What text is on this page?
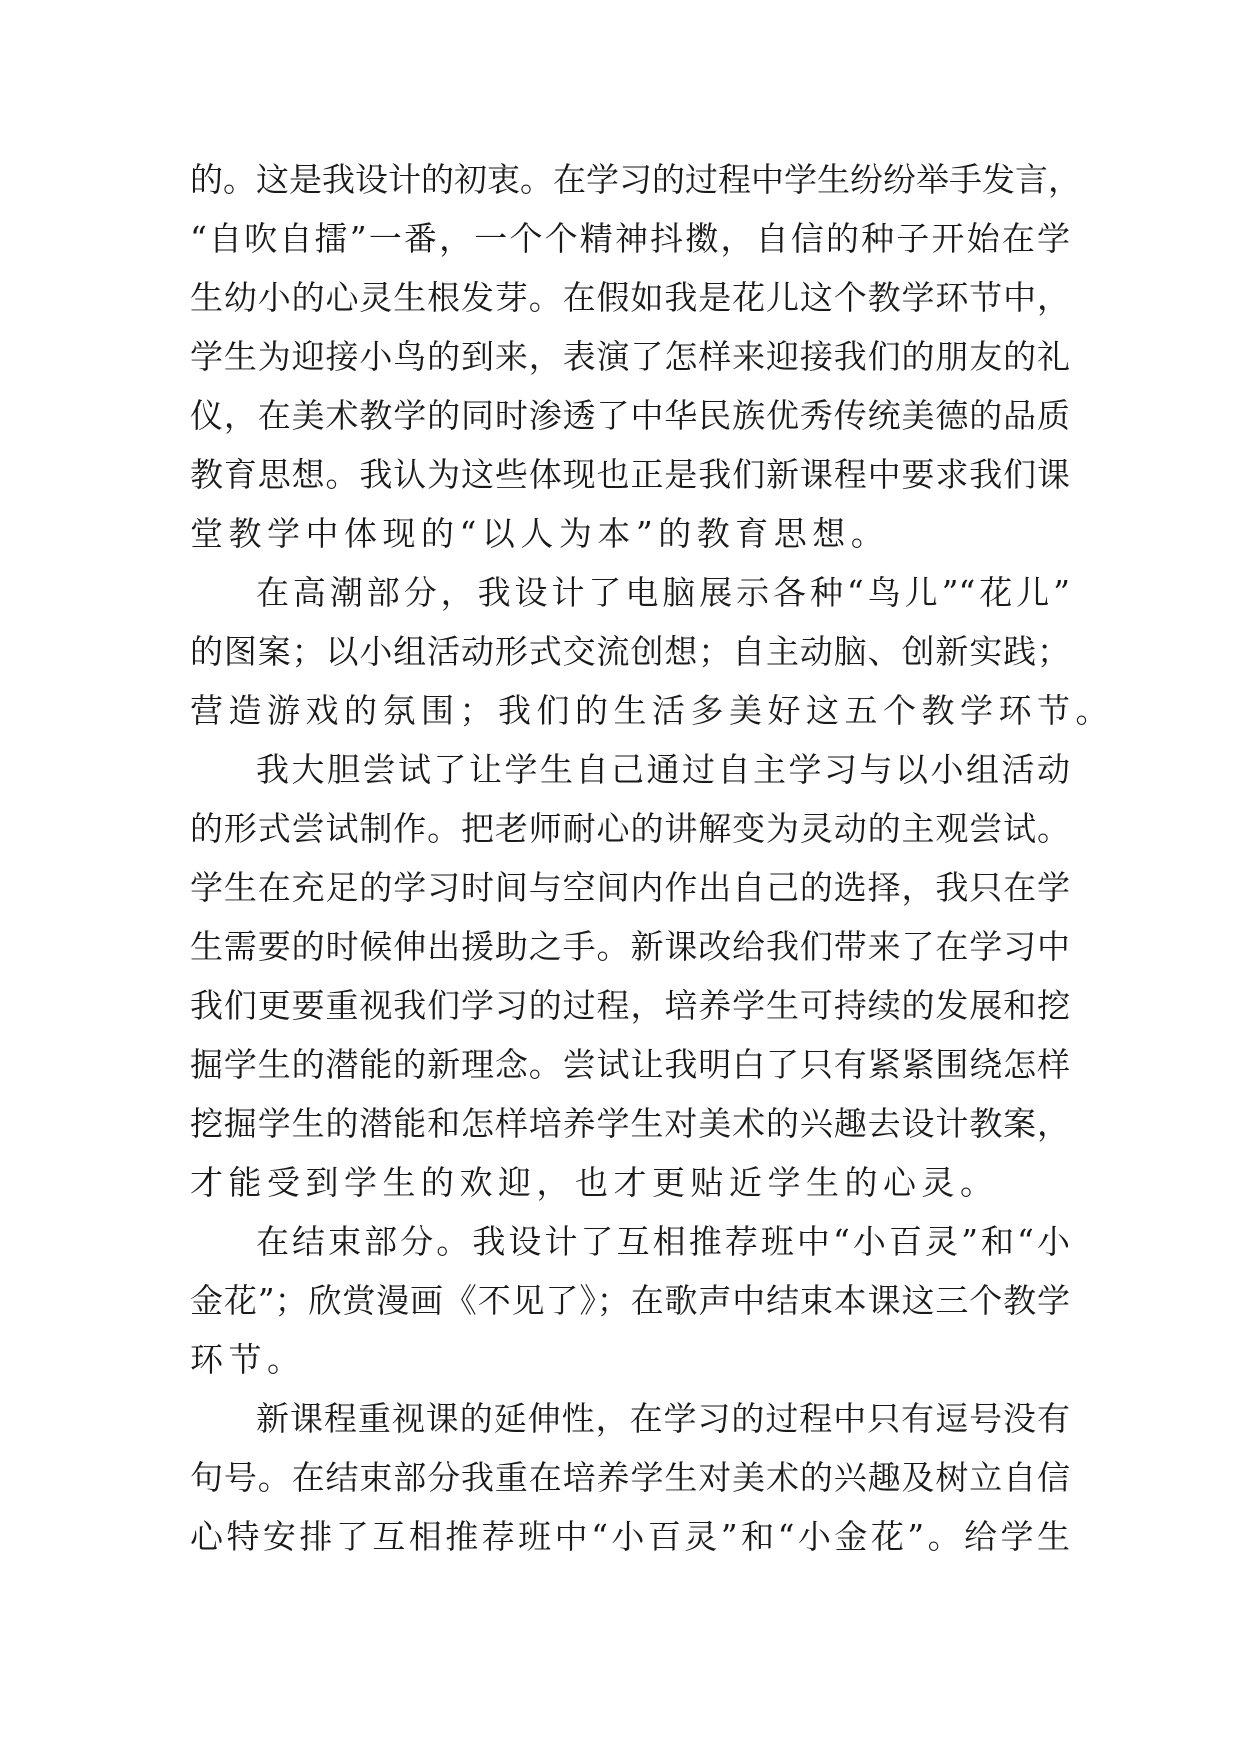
的。这是我设计的初衷。在学习的过程中学生纷纷举手发言，
“自吹自擂”一番，一个个精神抖擞，自信的种子开始在学
生幼小的心灵生根发芽。在假如我是花儿这个教学环节中，
学生为迎接小鸟的到来，表演了怎样来迎接我们的朋友的礼
仪，在美术教学的同时渗透了中华民族优秀传统美德的品质
教育思想。我认为这些体现也正是我们新课程中要求我们课
堂教学中体现的“以人为本”的教育思想。
在高潮部分，我设计了电脑展示各种“鸟儿”“花儿”
的图案；以小组活动形式交流创想；自主动脑、创新实践；
营造游戏的氛围；我们的生活多美好这五个教学环节。
我大胆尝试了让学生自己通过自主学习与以小组活动
的形式尝试制作。把老师耐心的讲解变为灵动的主观尝试。
学生在充足的学习时间与空间内作出自己的选择，我只在学
生需要的时候伸出援助之手。新课改给我们带来了在学习中
我们更要重视我们学习的过程，培养学生可持续的发展和挖
掘学生的潜能的新理念。尝试让我明白了只有紧紧围绕怎样
挖掘学生的潜能和怎样培养学生对美术的兴趣去设计教案，
才能受到学生的欢迎，也才更贴近学生的心灵。
在结束部分。我设计了互相推荐班中“小百灵”和“小
金花”；欣赏漫画《不见了》；在歌声中结束本课这三个教学
环节。
新课程重视课的延伸性，在学习的过程中只有逗号没有
句号。在结束部分我重在培养学生对美术的兴趣及树立自信
心特安排了互相推荐班中“小百灵”和“小金花”。给学生
